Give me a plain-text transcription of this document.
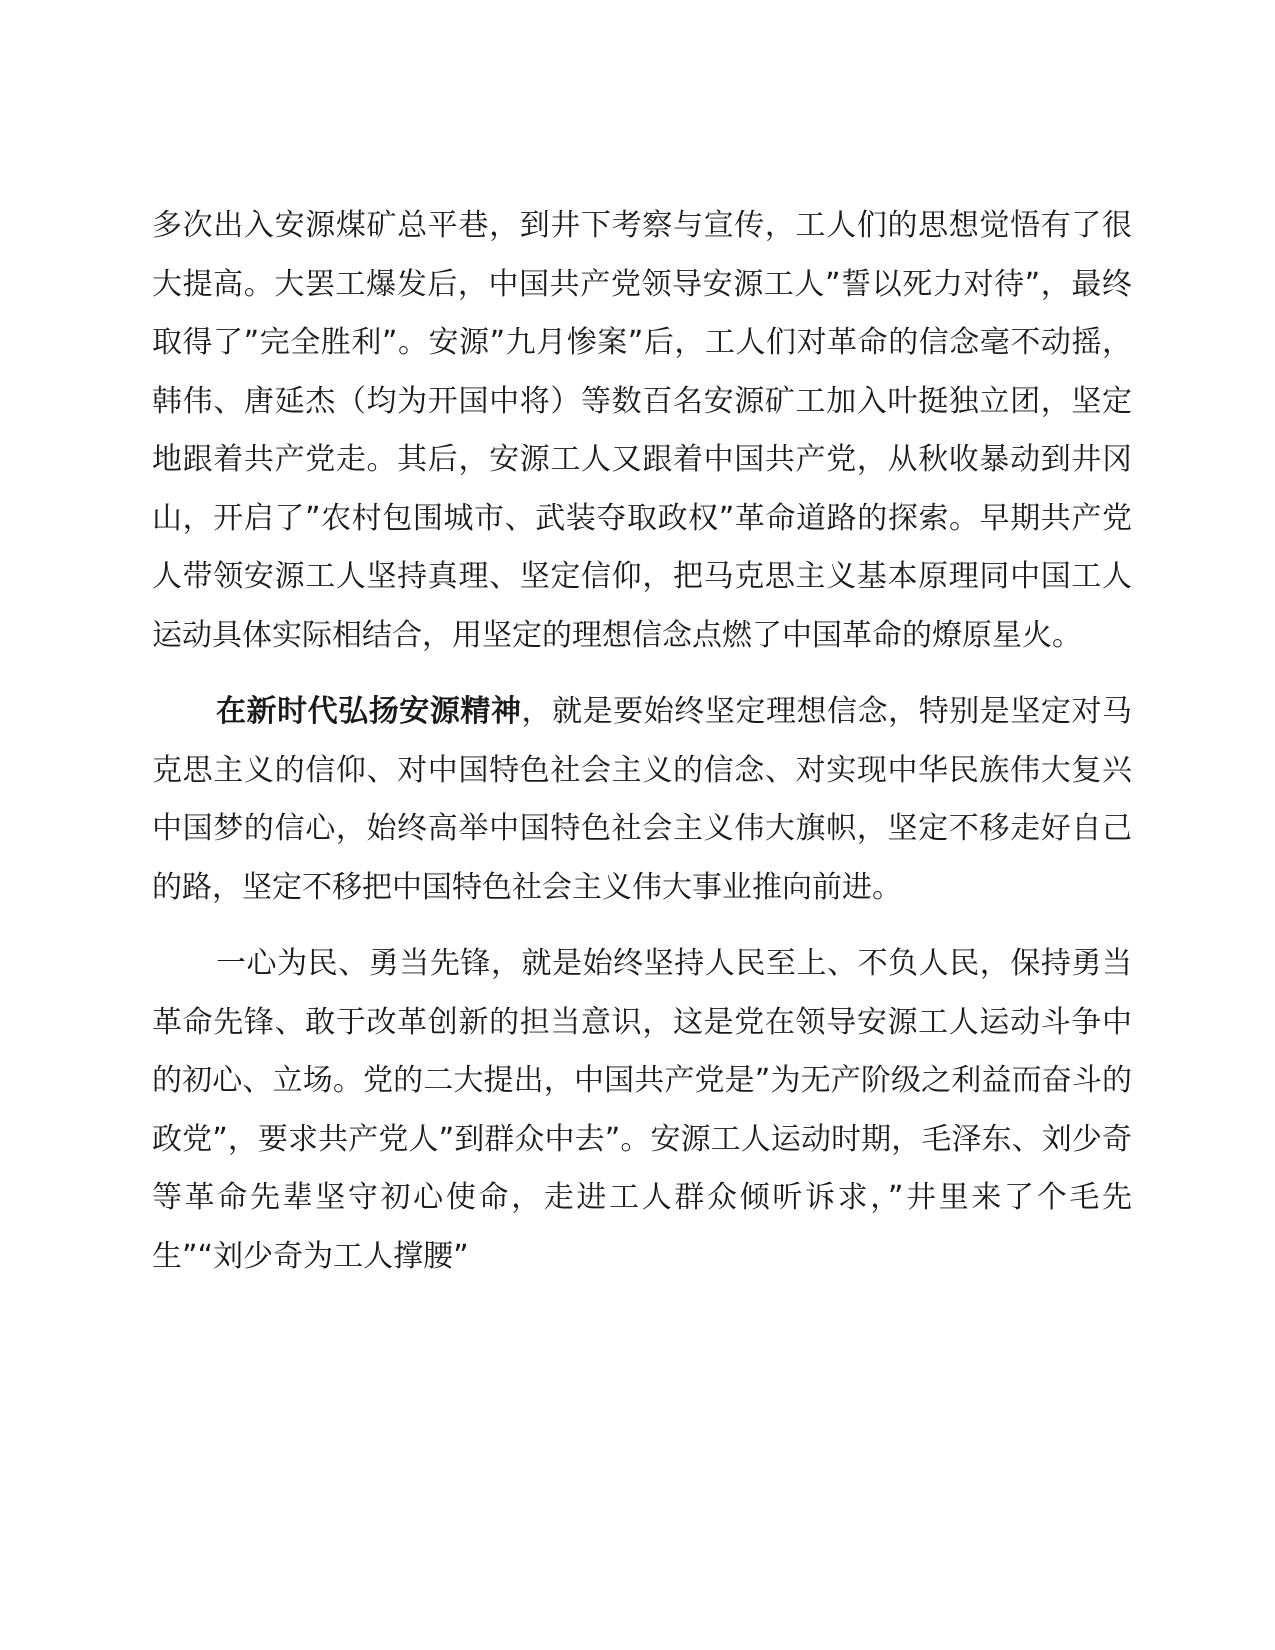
多次出入安源煤矿总平巷，到井下考察与宣传，工人们的思想觉悟有了很大提高。大罢工爆发后，中国共产党领导安源工人”誓以死力对待”，最终取得了”完全胜利”。安源”九月惨案”后，工人们对革命的信念毫不动摇，韩伟、唐延杰（均为开国中将）等数百名安源矿工加入叶挺独立团，坚定地跟着共产党走。其后，安源工人又跟着中国共产党，从秋收暴动到井冈山，开启了”农村包围城市、武装夺取政权”革命道路的探索。早期共产党人带领安源工人坚持真理、坚定信仰，把马克思主义基本原理同中国工人运动具体实际相结合，用坚定的理想信念点燃了中国革命的燎原星火。

在新时代弘扬安源精神，就是要始终坚定理想信念，特别是坚定对马克思主义的信仰、对中国特色社会主义的信念、对实现中华民族伟大复兴中国梦的信心，始终高举中国特色社会主义伟大旗帜，坚定不移走好自己的路，坚定不移把中国特色社会主义伟大事业推向前进。

一心为民、勇当先锋，就是始终坚持人民至上、不负人民，保持勇当革命先锋、敢于改革创新的担当意识，这是党在领导安源工人运动斗争中的初心、立场。党的二大提出，中国共产党是”为无产阶级之利益而奋斗的政党”，要求共产党人”到群众中去”。安源工人运动时期，毛泽东、刘少奇等革命先辈坚守初心使命，走进工人群众倾听诉求，”井里来了个毛先生”“刘少奇为工人撑腰”
